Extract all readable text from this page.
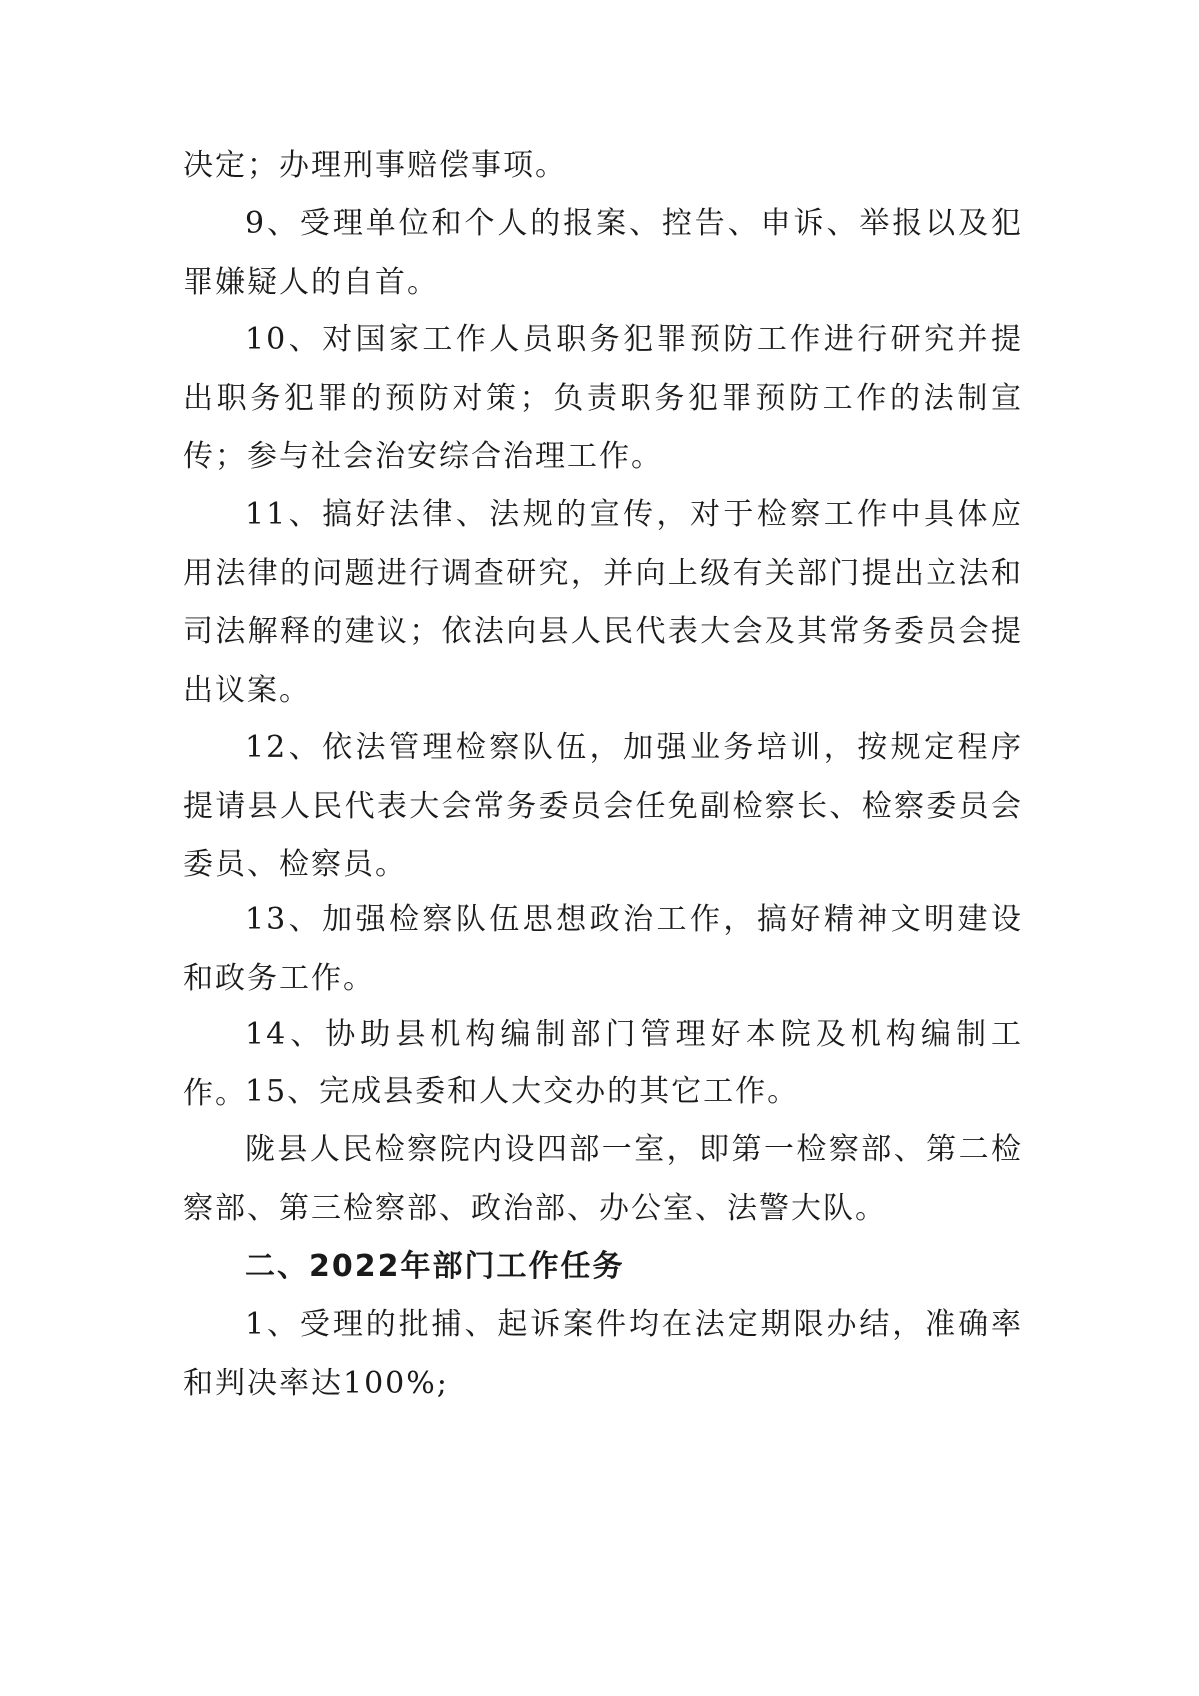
决定；办理刑事赔偿事项。

9、受理单位和个人的报案、控告、申诉、举报以及犯罪嫌疑人的自首。

10、对国家工作人员职务犯罪预防工作进行研究并提出职务犯罪的预防对策；负责职务犯罪预防工作的法制宣传；参与社会治安综合治理工作。

11、搞好法律、法规的宣传，对于检察工作中具体应用法律的问题进行调查研究，并向上级有关部门提出立法和司法解释的建议；依法向县人民代表大会及其常务委员会提出议案。

12、依法管理检察队伍，加强业务培训，按规定程序提请县人民代表大会常务委员会任免副检察长、检察委员会委员、检察员。

13、加强检察队伍思想政治工作，搞好精神文明建设和政务工作。

14、协助县机构编制部门管理好本院及机构编制工作。

15、完成县委和人大交办的其它工作。

陇县人民检察院内设四部一室，即第一检察部、第二检察部、第三检察部、政治部、办公室、法警大队。

二、2022年部门工作任务

1、受理的批捕、起诉案件均在法定期限办结，准确率和判决率达100%;
